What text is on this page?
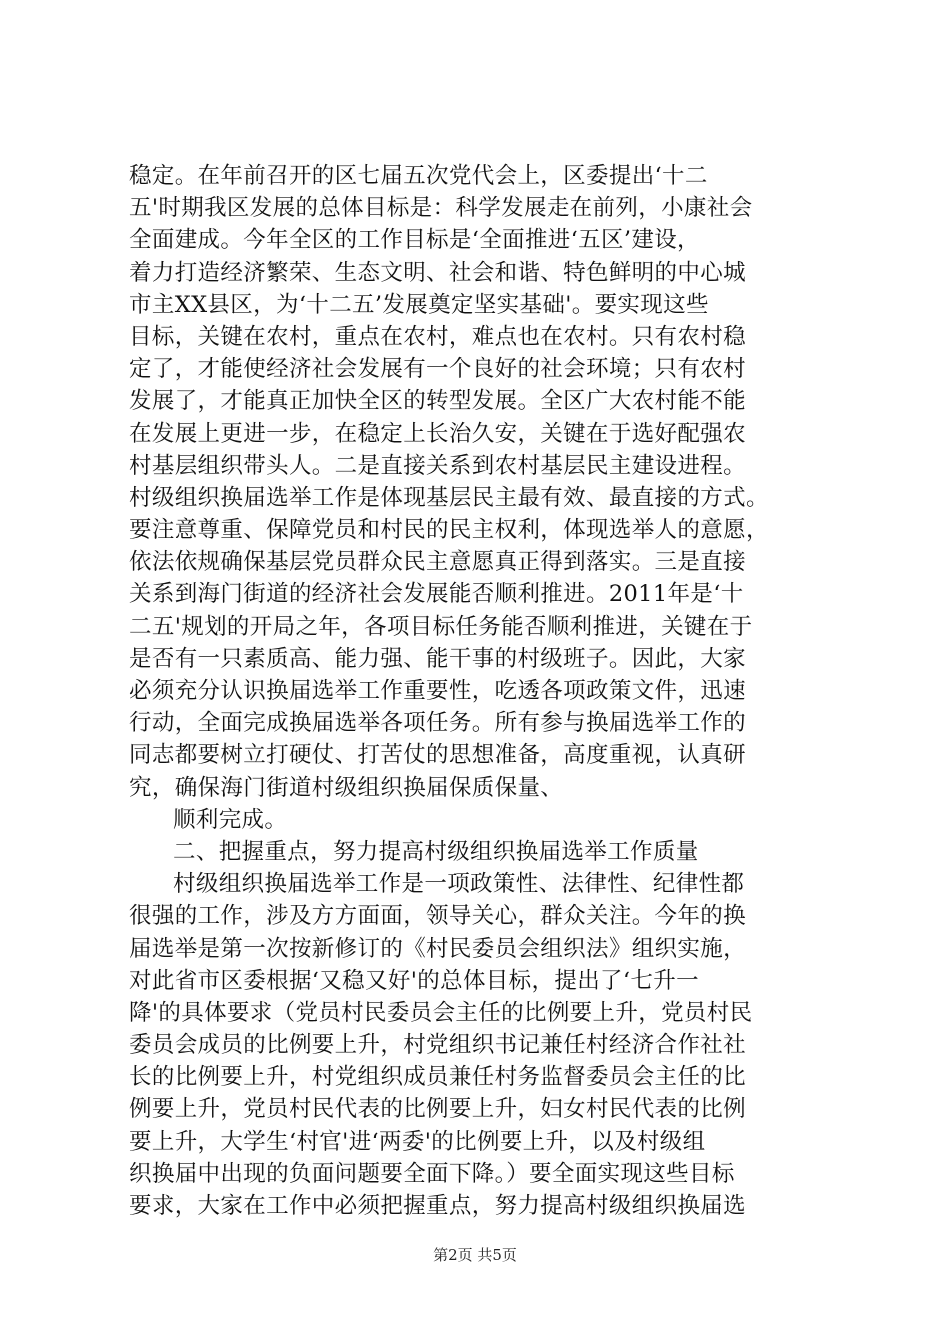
稳定。在年前召开的区七届五次党代会上，区委提出‘十二
五'时期我区发展的总体目标是：科学发展走在前列，小康社会
全面建成。今年全区的工作目标是‘全面推进‘五区’建设，
着力打造经济繁荣、生态文明、社会和谐、特色鲜明的中心城
市主XX县区，为‘十二五’发展奠定坚实基础'。要实现这些
目标，关键在农村，重点在农村，难点也在农村。只有农村稳
定了，才能使经济社会发展有一个良好的社会环境；只有农村
发展了，才能真正加快全区的转型发展。全区广大农村能不能
在发展上更进一步，在稳定上长治久安，关键在于选好配强农
村基层组织带头人。二是直接关系到农村基层民主建设进程。
村级组织换届选举工作是体现基层民主最有效、最直接的方式。
要注意尊重、保障党员和村民的民主权利，体现选举人的意愿，
依法依规确保基层党员群众民主意愿真正得到落实。三是直接
关系到海门街道的经济社会发展能否顺利推进。2011年是‘十
二五'规划的开局之年，各项目标任务能否顺利推进，关键在于
是否有一只素质高、能力强、能干事的村级班子。因此，大家
必须充分认识换届选举工作重要性，吃透各项政策文件，迅速
行动，全面完成换届选举各项任务。所有参与换届选举工作的
同志都要树立打硬仗、打苦仗的思想准备，高度重视，认真研
究，确保海门街道村级组织换届保质保量、
顺利完成。
二、把握重点，努力提高村级组织换届选举工作质量
村级组织换届选举工作是一项政策性、法律性、纪律性都
很强的工作，涉及方方面面，领导关心，群众关注。今年的换
届选举是第一次按新修订的《村民委员会组织法》组织实施，
对此省市区委根据‘又稳又好'的总体目标，提出了‘七升一
降'的具体要求（党员村民委员会主任的比例要上升，党员村民
委员会成员的比例要上升，村党组织书记兼任村经济合作社社
长的比例要上升，村党组织成员兼任村务监督委员会主任的比
例要上升，党员村民代表的比例要上升，妇女村民代表的比例
要上升，大学生‘村官'进‘两委'的比例要上升，以及村级组
织换届中出现的负面问题要全面下降。）要全面实现这些目标
要求，大家在工作中必须把握重点，努力提高村级组织换届选
第2页 共5页
